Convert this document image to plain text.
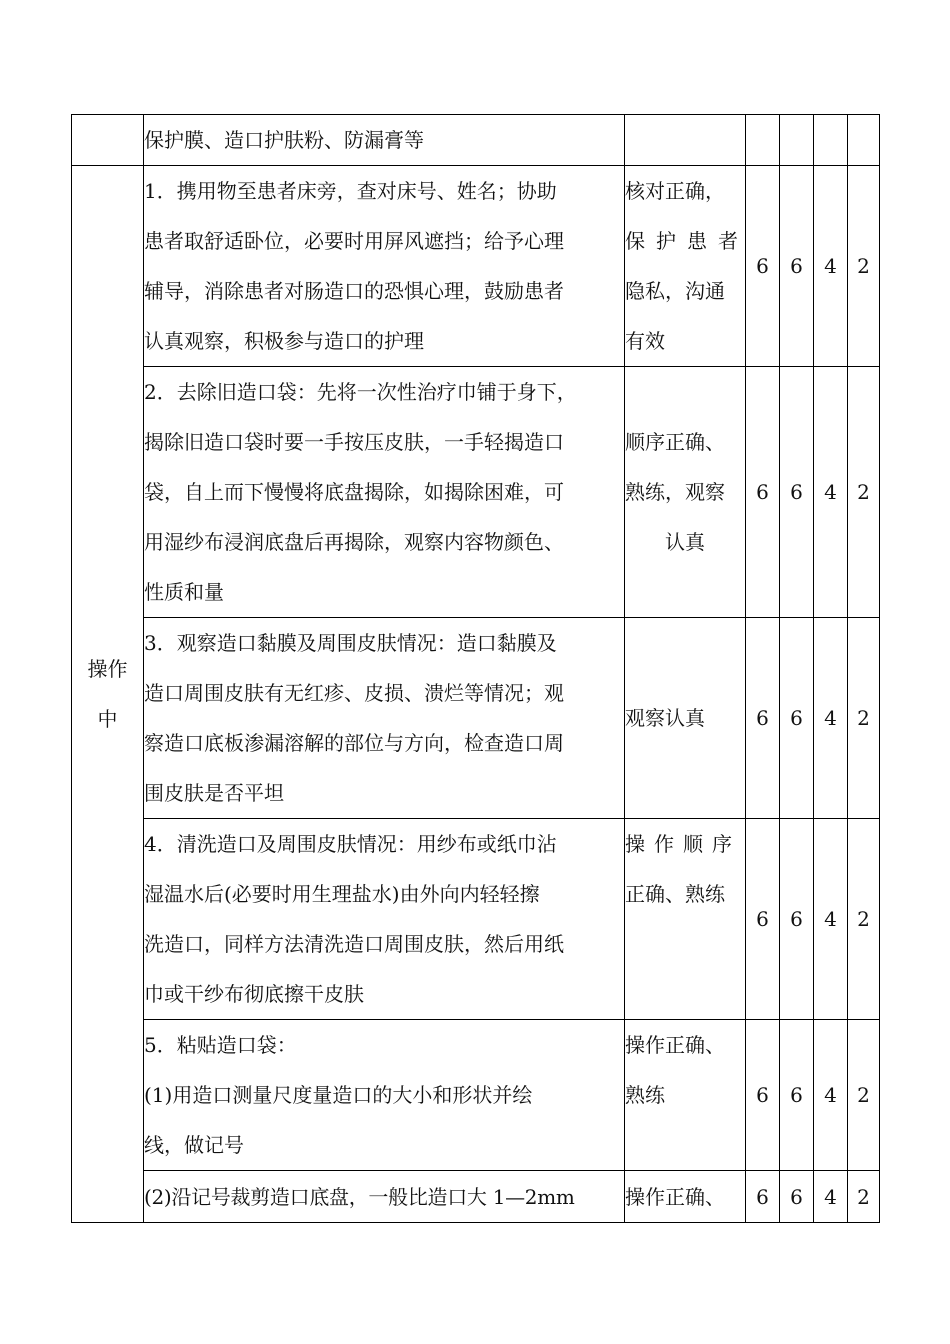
	保护膜、造口护肤粉、防漏膏等					

操作
中	1．携用物至患者床旁，查对床号、姓名；协助
患者取舒适卧位，必要时用屏风遮挡；给予心理
辅导，消除患者对肠造口的恐惧心理，鼓励患者
认真观察，积极参与造口的护理	核对正确，
保护患者
隐私，沟通
有效	6	6	4	2

	2．去除旧造口袋：先将一次性治疗巾铺于身下，
揭除旧造口袋时要一手按压皮肤，一手轻揭造口
袋，自上而下慢慢将底盘揭除，如揭除困难，可
用湿纱布浸润底盘后再揭除，观察内容物颜色、
性质和量	顺序正确、
熟练，观察
认真	6	6	4	2

	3．观察造口黏膜及周围皮肤情况：造口黏膜及
造口周围皮肤有无红疹、皮损、溃烂等情况；观
察造口底板渗漏溶解的部位与方向，检查造口周
围皮肤是否平坦	观察认真	6	6	4	2

	4．清洗造口及周围皮肤情况：用纱布或纸巾沾
湿温水后(必要时用生理盐水)由外向内轻轻擦
洗造口，同样方法清洗造口周围皮肤，然后用纸
巾或干纱布彻底擦干皮肤	操作顺序
正确、熟练	6	6	4	2

	5．粘贴造口袋：
(1)用造口测量尺度量造口的大小和形状并绘
线，做记号	操作正确、
熟练	6	6	4	2

	(2)沿记号裁剪造口底盘，一般比造口大 1—2mm	操作正确、	6	6	4	2
